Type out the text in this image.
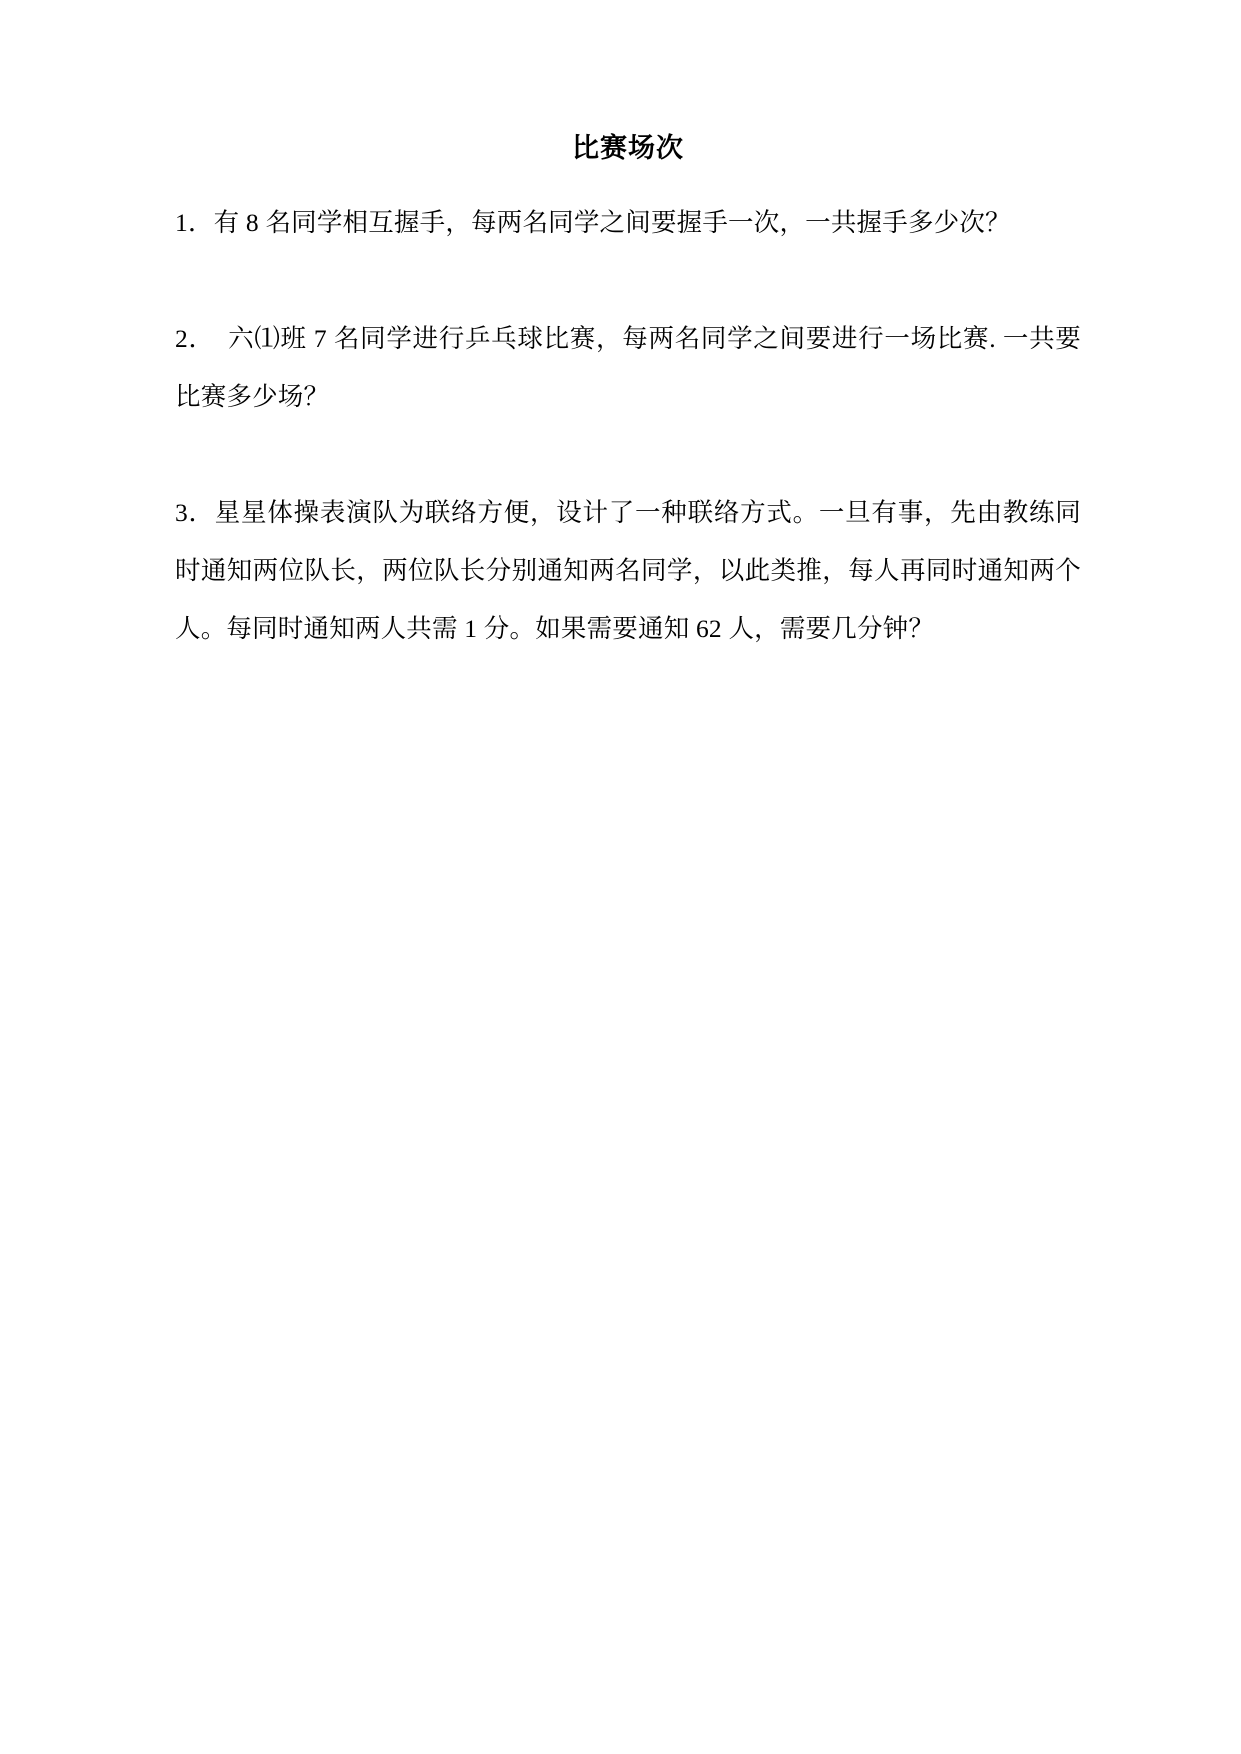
比赛场次

1．有 8 名同学相互握手，每两名同学之间要握手一次，一共握手多少次？

2．　六⑴班 7 名同学进行乒乓球比赛，每两名同学之间要进行一场比赛. 一共要比赛多少场？

3．星星体操表演队为联络方便，设计了一种联络方式。一旦有事，先由教练同时通知两位队长，两位队长分别通知两名同学，以此类推，每人再同时通知两个人。每同时通知两人共需 1 分。如果需要通知 62 人，需要几分钟？
